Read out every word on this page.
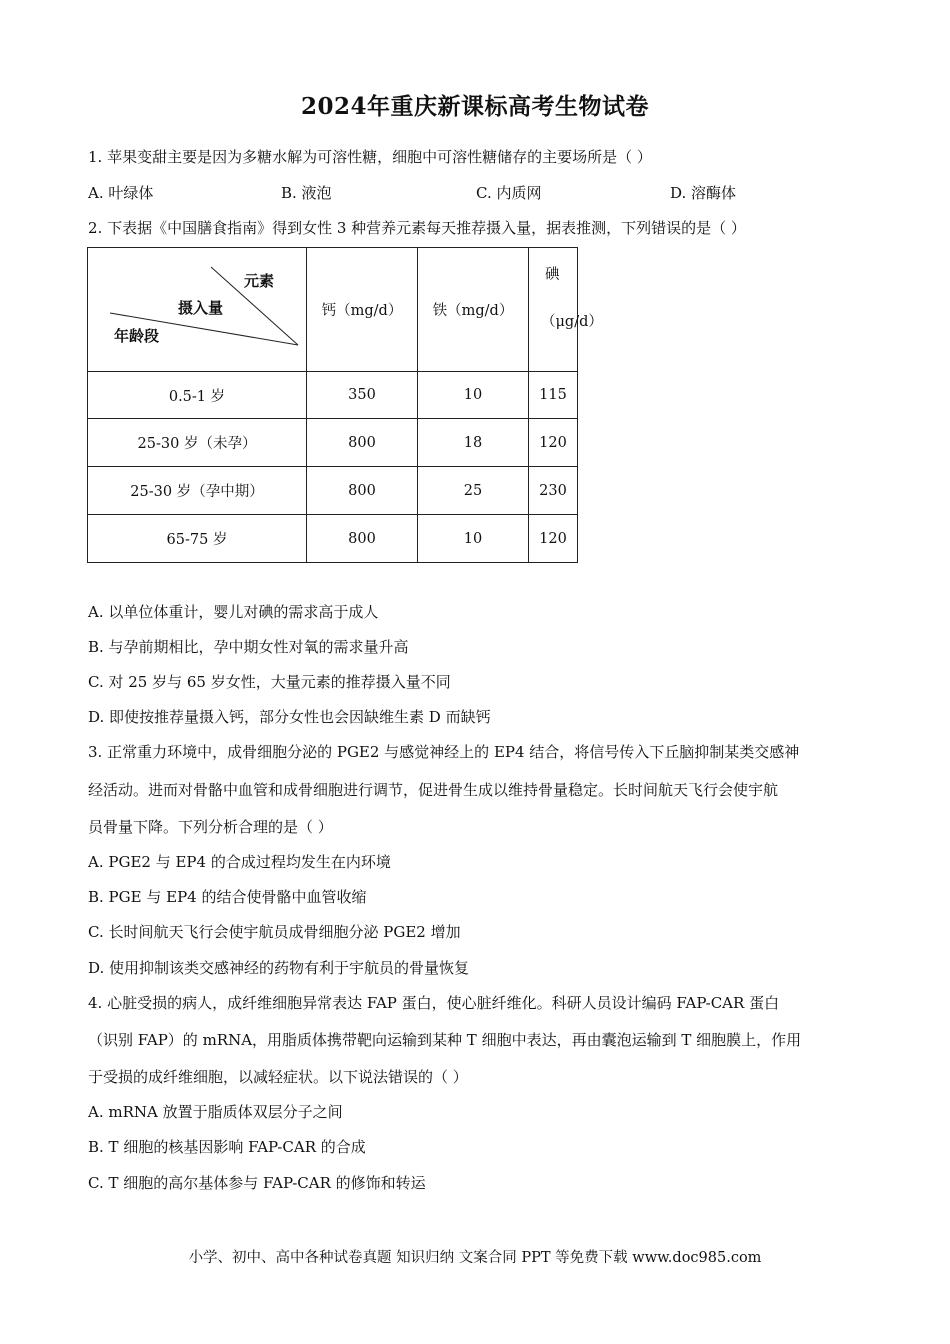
2024年重庆新课标高考生物试卷
1. 苹果变甜主要是因为多糖水解为可溶性糖，细胞中可溶性糖储存的主要场所是（ ）
A. 叶绿体	B. 液泡	C. 内质网	D. 溶酶体
2. 下表据《中国膳食指南》得到女性 3 种营养元素每天推荐摄入量，据表推测，下列错误的是（ ）
元素
摄入量
年龄段	钙（mg/d）	铁（mg/d）	碘
（μg/d）

0.5-1 岁	350	10	115
25-30 岁（未孕）	800	18	120
25-30 岁（孕中期）	800	25	230
65-75 岁	800	10	120
A. 以单位体重计，婴儿对碘的需求高于成人
B. 与孕前期相比，孕中期女性对氧的需求量升高
C. 对 25 岁与 65 岁女性，大量元素的推荐摄入量不同
D. 即使按推荐量摄入钙，部分女性也会因缺维生素 D 而缺钙
3. 正常重力环境中，成骨细胞分泌的 PGE2 与感觉神经上的 EP4 结合，将信号传入下丘脑抑制某类交感神
经活动。进而对骨骼中血管和成骨细胞进行调节，促进骨生成以维持骨量稳定。长时间航天飞行会使宇航
员骨量下降。下列分析合理的是（ ）
A. PGE2 与 EP4 的合成过程均发生在内环境
B. PGE 与 EP4 的结合使骨骼中血管收缩
C. 长时间航天飞行会使宇航员成骨细胞分泌 PGE2 增加
D. 使用抑制该类交感神经的药物有利于宇航员的骨量恢复
4. 心脏受损的病人，成纤维细胞异常表达 FAP 蛋白，使心脏纤维化。科研人员设计编码 FAP-CAR 蛋白
（识别 FAP）的 mRNA，用脂质体携带靶向运输到某种 T 细胞中表达，再由囊泡运输到 T 细胞膜上，作用
于受损的成纤维细胞，以减轻症状。以下说法错误的（ ）
A. mRNA 放置于脂质体双层分子之间
B. T 细胞的核基因影响 FAP-CAR 的合成
C. T 细胞的高尔基体参与 FAP-CAR 的修饰和转运
小学、初中、高中各种试卷真题 知识归纳 文案合同 PPT 等免费下载 www.doc985.com
